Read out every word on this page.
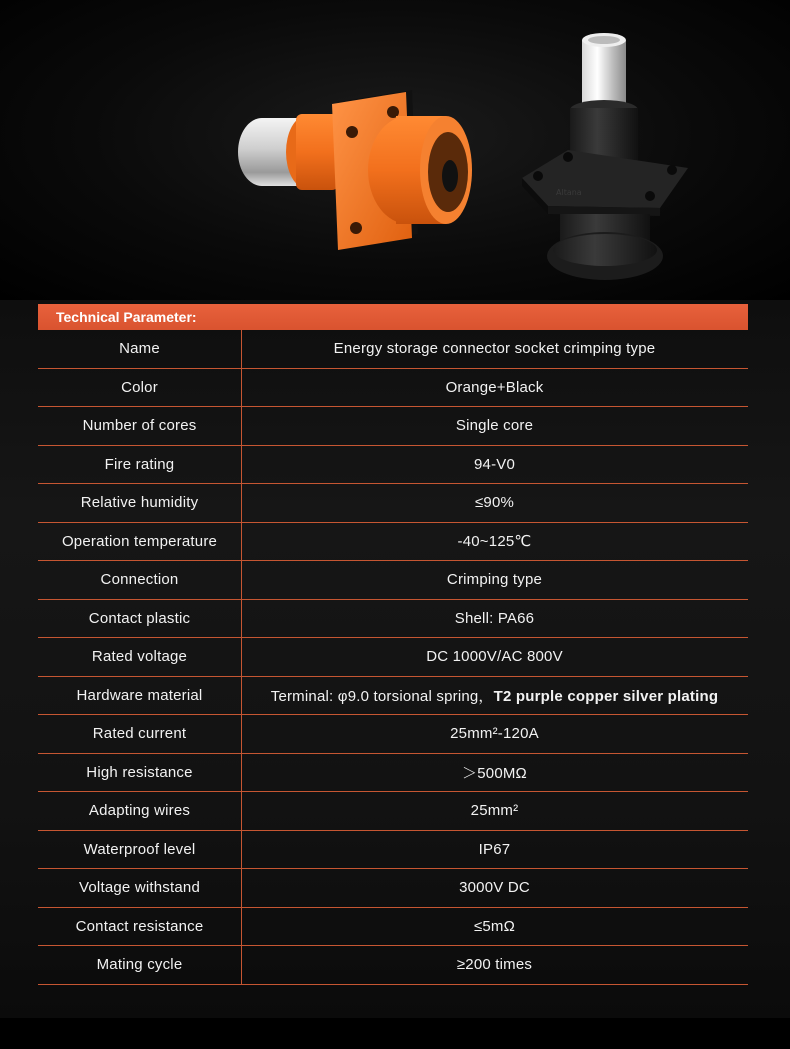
Altana
Technical Parameter:
Name	Energy storage connector socket crimping type
Color	Orange+Black
Number of cores	Single core
Fire rating	94-V0
Relative humidity	≤90%
Operation temperature	-40~125℃
Connection	Crimping type
Contact plastic	Shell: PA66
Rated voltage	DC 1000V/AC 800V
Hardware material	Terminal: φ9.0 torsional spring，T2 purple copper silver plating
Rated current	25mm²-120A
High resistance	＞500MΩ
Adapting wires	25mm²
Waterproof level	IP67
Voltage withstand	3000V DC
Contact resistance	≤5mΩ
Mating cycle	≥200 times
